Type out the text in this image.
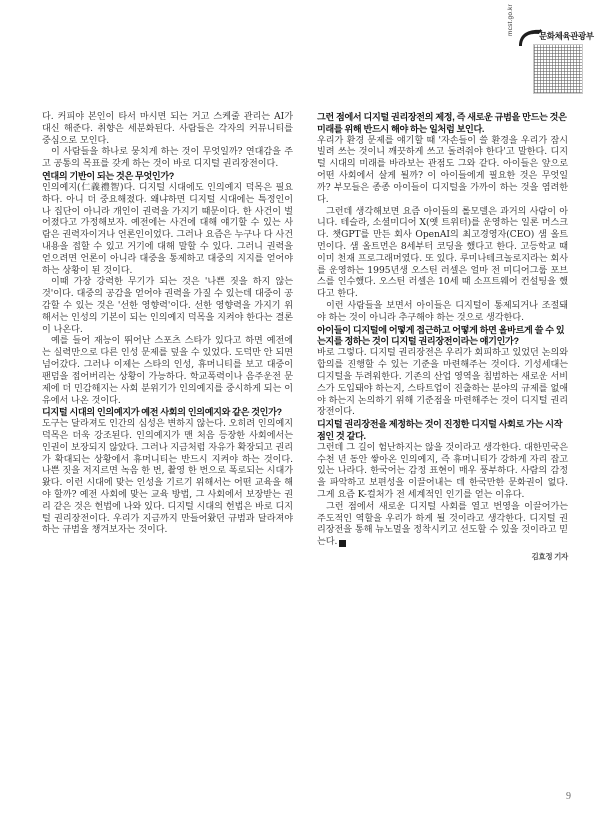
mcst.go.kr	문화체육관광부

다. 커피야 본인이 타서 마시면 되는 거고 스케줄 관리는 AI가 대신 해준다. 취향은 세분화된다. 사람들은 각자의 커뮤니티를 중심으로 모인다.

이 사람들을 하나로 뭉치게 하는 것이 무엇일까? 연대감을 주고 공통의 목표를 갖게 하는 것이 바로 디지털 권리장전이다.

연대의 기반이 되는 것은 무엇인가?

인의예지(仁義禮智)다. 디지털 시대에도 인의예지 덕목은 필요하다. 아니 더 중요해졌다. 왜냐하면 디지털 시대에는 특정인이나 집단이 아니라 개인이 권력을 가지기 때문이다. 한 사건이 벌어졌다고 가정해보자. 예전에는 사건에 대해 얘기할 수 있는 사람은 권력자이거나 언론인이었다. 그러나 요즘은 누구나 다 사건 내용을 접할 수 있고 거기에 대해 말할 수 있다. 그러니 권력을 얻으려면 언론이 아니라 대중을 통제하고 대중의 지지를 얻어야 하는 상황이 된 것이다.

이때 가장 강력한 무기가 되는 것은 '나쁜 짓을 하지 않는 것'이다. 대중의 공감을 얻어야 권력을 가질 수 있는데 대중이 공감할 수 있는 것은 '선한 영향력'이다. 선한 영향력을 가지기 위해서는 인성의 기본이 되는 인의예지 덕목을 지켜야 한다는 결론이 나온다.

예를 들어 재능이 뛰어난 스포츠 스타가 있다고 하면 예전에는 실력만으로 다른 인성 문제를 덮을 수 있었다. 도덕만 안 되면 넘어갔다. 그러나 이제는 스타의 인성, 휴머니티를 보고 대중이 팬덤을 접어버리는 상황이 가능하다. 학교폭력이나 음주운전 문제에 더 민감해지는 사회 분위기가 인의예지를 중시하게 되는 이유에서 나온 것이다.

디지털 시대의 인의예지가 예전 사회의 인의예지와 같은 것인가?

도구는 달라져도 인간의 심성은 변하지 않는다. 오히려 인의예지 덕목은 더욱 강조된다. 인의예지가 맨 처음 등장한 사회에서는 인권이 보장되지 않았다. 그러나 지금처럼 자유가 확장되고 권리가 확대되는 상황에서 휴머니티는 반드시 지켜야 하는 것이다. 나쁜 짓을 저지르면 녹음 한 번, 촬영 한 번으로 폭로되는 시대가 왔다. 이런 시대에 맞는 인성을 기르기 위해서는 어떤 교육을 해야 할까? 예전 사회에 맞는 교육 방법, 그 사회에서 보장받는 권리 같은 것은 헌법에 나와 있다. 디지털 시대의 헌법은 바로 디지털 권리장전이다. 우리가 지금까지 만들어왔던 규범과 달라져야 하는 규범을 챙겨보자는 것이다.

그런 점에서 디지털 권리장전의 제정, 즉 새로운 규범을 만드는 것은 미래를 위해 반드시 해야 하는 일처럼 보인다.

우리가 환경 문제를 얘기할 때 '자손들이 쓸 환경을 우리가 잠시 빌려 쓰는 것이니 깨끗하게 쓰고 돌려줘야 한다'고 말한다. 디지털 시대의 미래를 바라보는 관점도 그와 같다. 아이들은 앞으로 어떤 사회에서 살게 될까? 이 아이들에게 필요한 것은 무엇일까? 부모들은 종종 아이들이 디지털을 가까이 하는 것을 염려한다.

그런데 생각해보면 요즘 아이들의 롤모델은 과거의 사람이 아니다. 테슬라, 소셜미디어 X(옛 트위터)를 운영하는 일론 머스크다. 챗GPT를 만든 회사 OpenAI의 최고경영자(CEO) 샘 올트먼이다. 샘 올트먼은 8세부터 코딩을 했다고 한다. 고등학교 때 이미 천재 프로그래머였다. 또 있다. 루미나테크놀로지라는 회사를 운영하는 1995년생 오스틴 러셀은 얼마 전 미디어그룹 포브스를 인수했다. 오스틴 러셀은 10세 때 소프트웨어 컨설팅을 했다고 한다.

이런 사람들을 보면서 아이들은 디지털이 통제되거나 조절돼야 하는 것이 아니라 추구해야 하는 것으로 생각한다.

아이들이 디지털에 어떻게 접근하고 어떻게 하면 올바르게 쓸 수 있는지를 정하는 것이 디지털 권리장전이라는 얘기인가?

바로 그렇다. 디지털 권리장전은 우리가 회피하고 있었던 논의와 합의를 진행할 수 있는 기준을 마련해주는 것이다. 기성세대는 디지털을 두려워한다. 기존의 산업 영역을 침범하는 새로운 서비스가 도입돼야 하는지, 스타트업이 진출하는 분야의 규제를 없애야 하는지 논의하기 위해 기준점을 마련해주는 것이 디지털 권리장전이다.

디지털 권리장전을 제정하는 것이 진정한 디지털 사회로 가는 시작점인 것 같다.

그런데 그 길이 험난하지는 않을 것이라고 생각한다. 대한민국은 수천 년 동안 쌓아온 인의예지, 즉 휴머니티가 강하게 자리 잡고 있는 나라다. 한국어는 감정 표현이 매우 풍부하다. 사람의 감정을 파악하고 보편성을 이끌어내는 데 한국만한 문화권이 없다. 그게 요즘 K-컬처가 전 세계적인 인기를 얻는 이유다.

그런 점에서 새로운 디지털 사회를 열고 번영을 이끌어가는 주도적인 역할을 우리가 하게 될 것이라고 생각한다. 디지털 권리장전을 통해 뉴노멀을 정착시키고 선도할 수 있을 것이라고 믿는다. K

김효정 기자
9
